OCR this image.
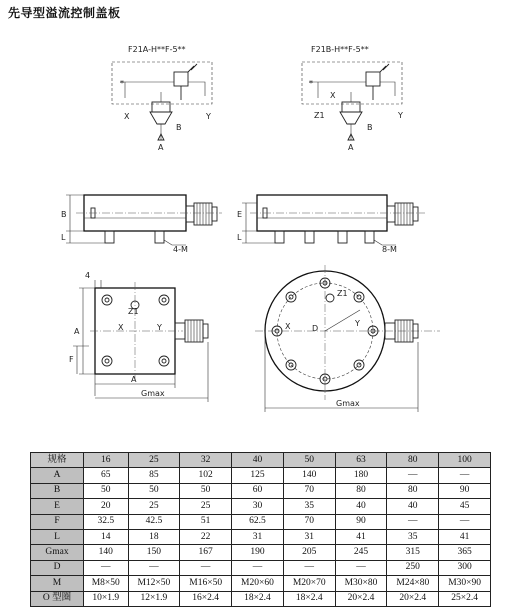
先导型溢流控制盖板
F21A-H**F-5**
*
X	Y
B
A
F21B-H**F-5**
*
Z1
X
Y
B
A
4-M
B
L
8-M
E
L
A
F
Z1
X	Y
A
Gmax
4
Z1
X	Y
D
Gmax
规格	16	25	32	40	50	63	80	100
A	65	85	102	125	140	180	—	—
B	50	50	50	60	70	80	80	90
E	20	25	25	30	35	40	40	45
F	32.5	42.5	51	62.5	70	90	—	—
L	14	18	22	31	31	41	35	41
Gmax	140	150	167	190	205	245	315	365
D	—	—	—	—	—	—	250	300
M	M8×50	M12×50	M16×50	M20×60	M20×70	M30×80	M24×80	M30×90
O 型圈	10×1.9	12×1.9	16×2.4	18×2.4	18×2.4	20×2.4	20×2.4	25×2.4
